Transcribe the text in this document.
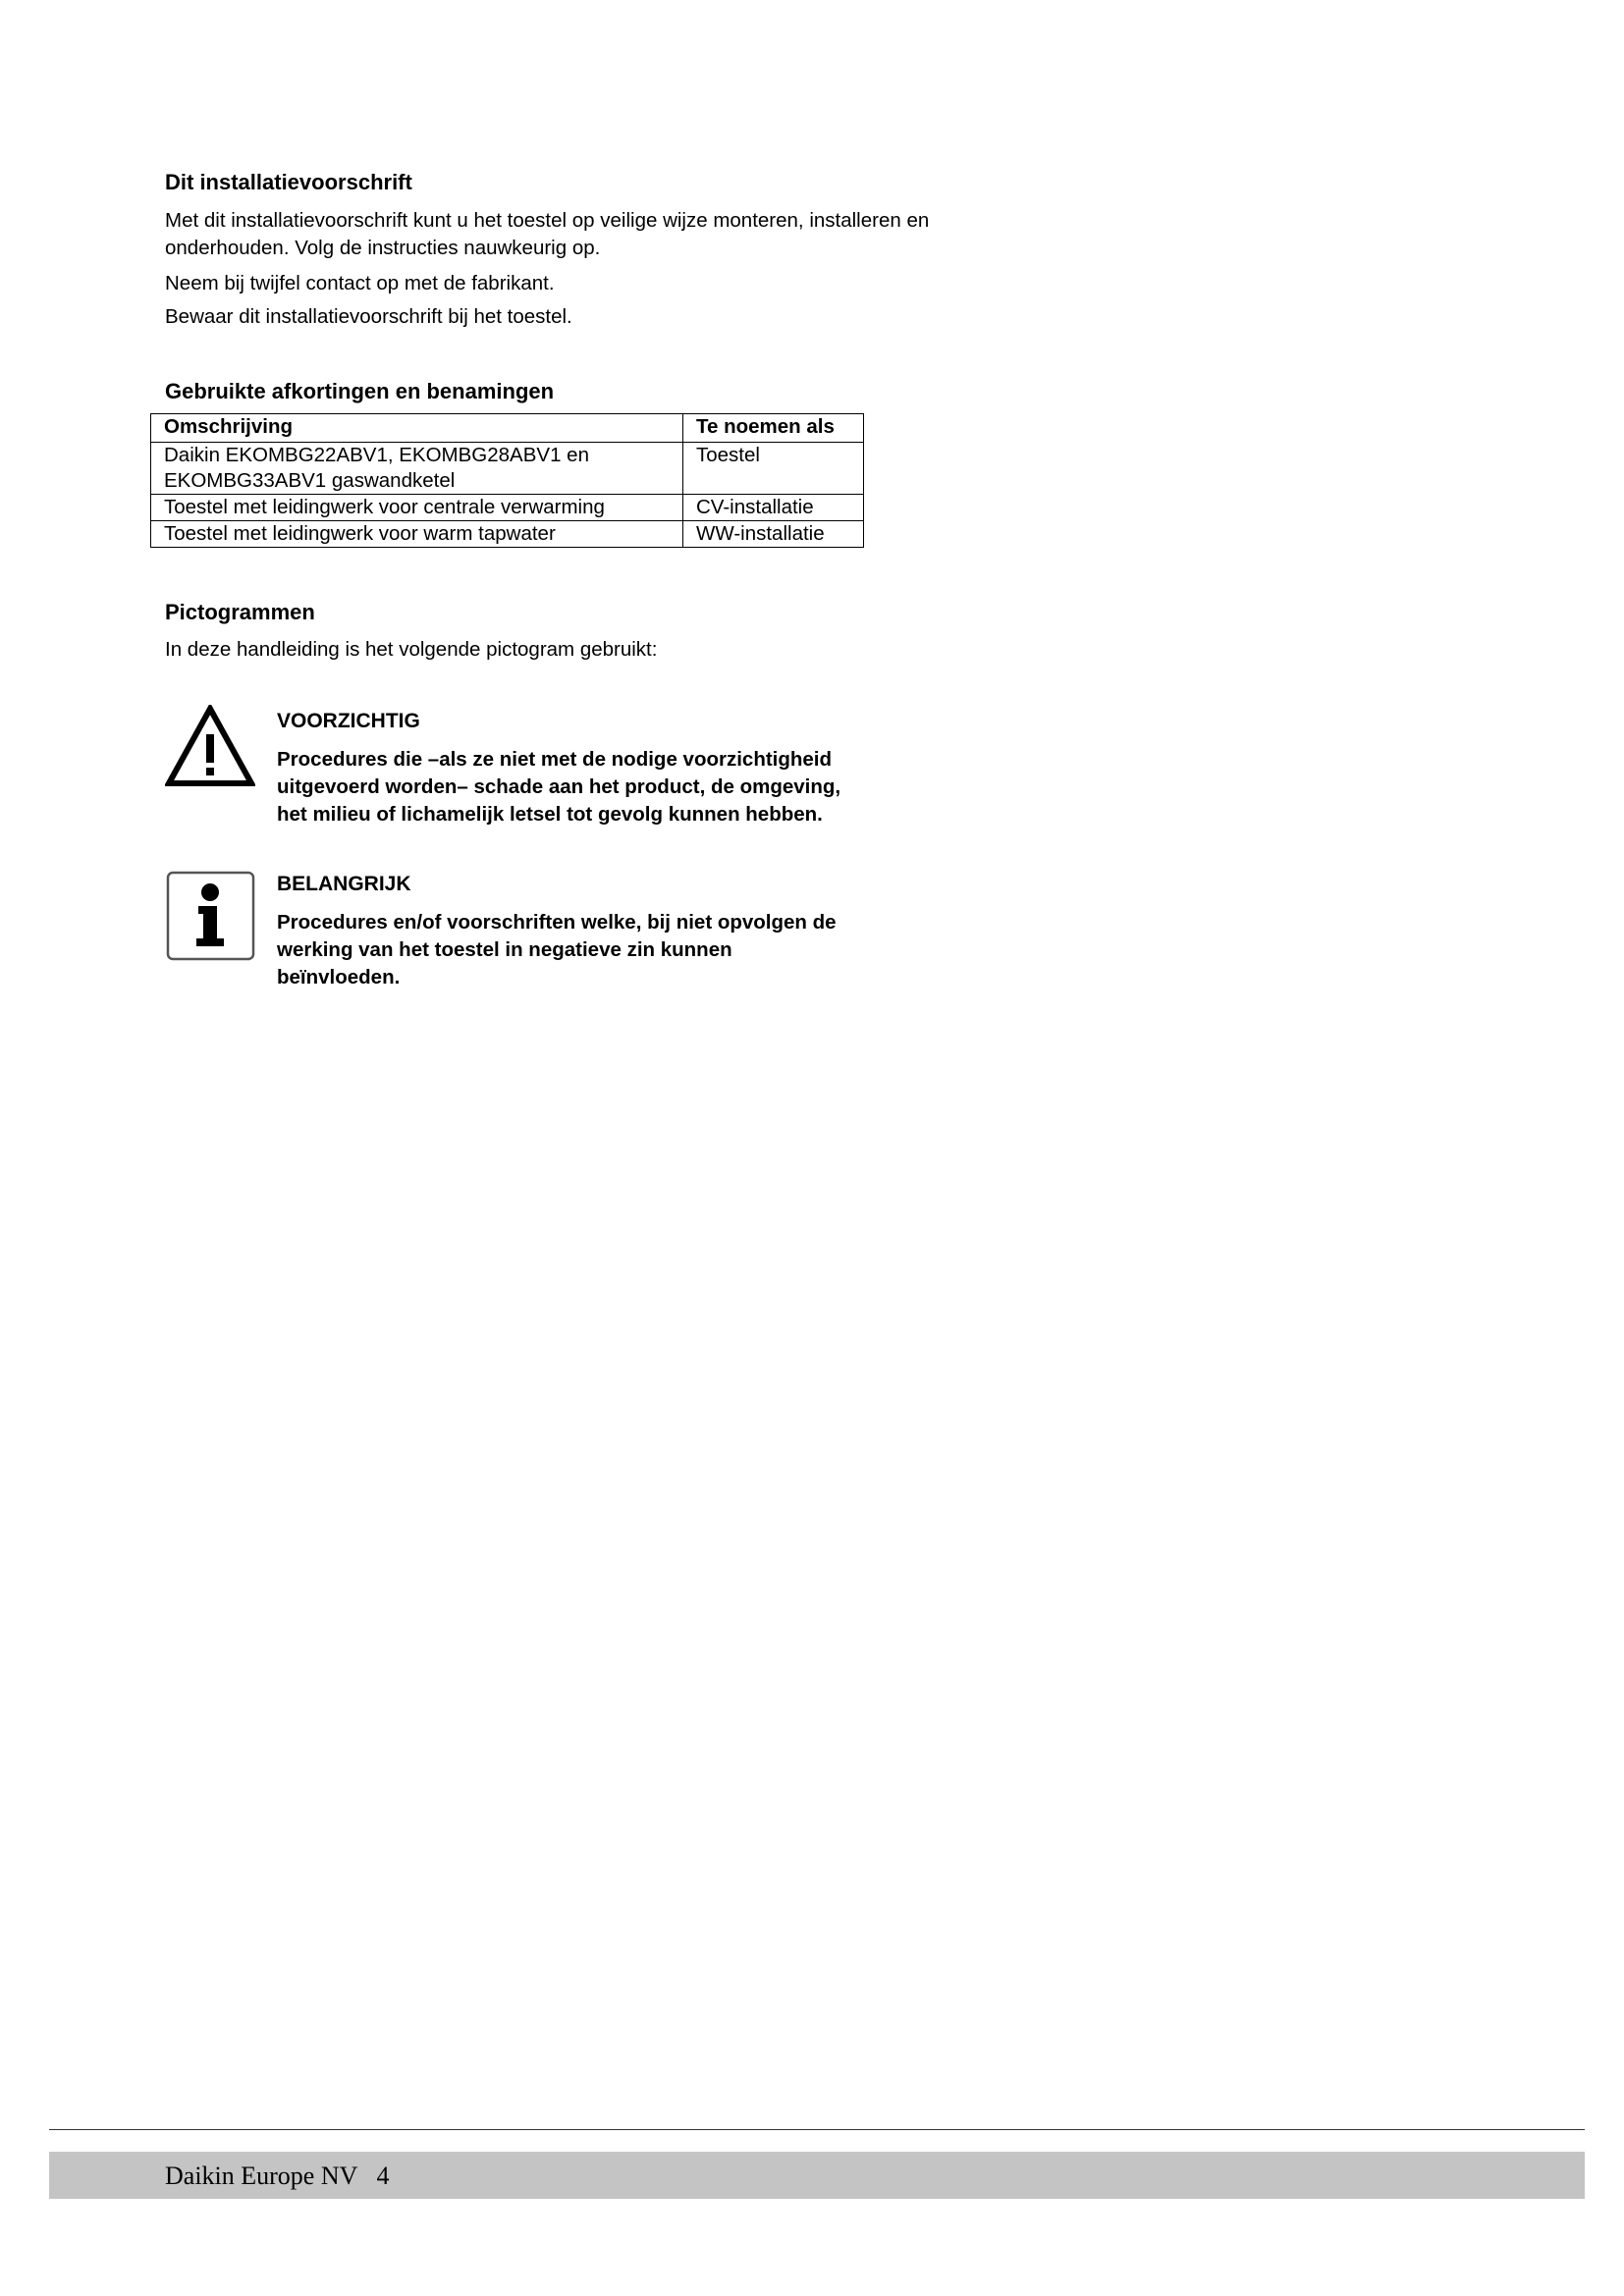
Dit installatievoorschrift
Met dit installatievoorschrift kunt u het toestel op veilige wijze monteren, installeren en
onderhouden. Volg de instructies nauwkeurig op.
Neem bij twijfel contact op met de fabrikant.
Bewaar dit installatievoorschrift bij het toestel.
Gebruikte afkortingen en benamingen
Omschrijving	Te noemen als

Daikin EKOMBG22ABV1, EKOMBG28ABV1 en
EKOMBG33ABV1 gaswandketel	Toestel
Toestel met leidingwerk voor centrale verwarming	CV-installatie
Toestel met leidingwerk voor warm tapwater	WW-installatie
Pictogrammen
In deze handleiding is het volgende pictogram gebruikt:
VOORZICHTIG
Procedures die –als ze niet met de nodige voorzichtigheid
uitgevoerd worden– schade aan het product, de omgeving,
het milieu of lichamelijk letsel tot gevolg kunnen hebben.
BELANGRIJK
Procedures en/of voorschriften welke, bij niet opvolgen de
werking van het toestel in negatieve zin kunnen
beïnvloeden.
Daikin Europe NV 4
